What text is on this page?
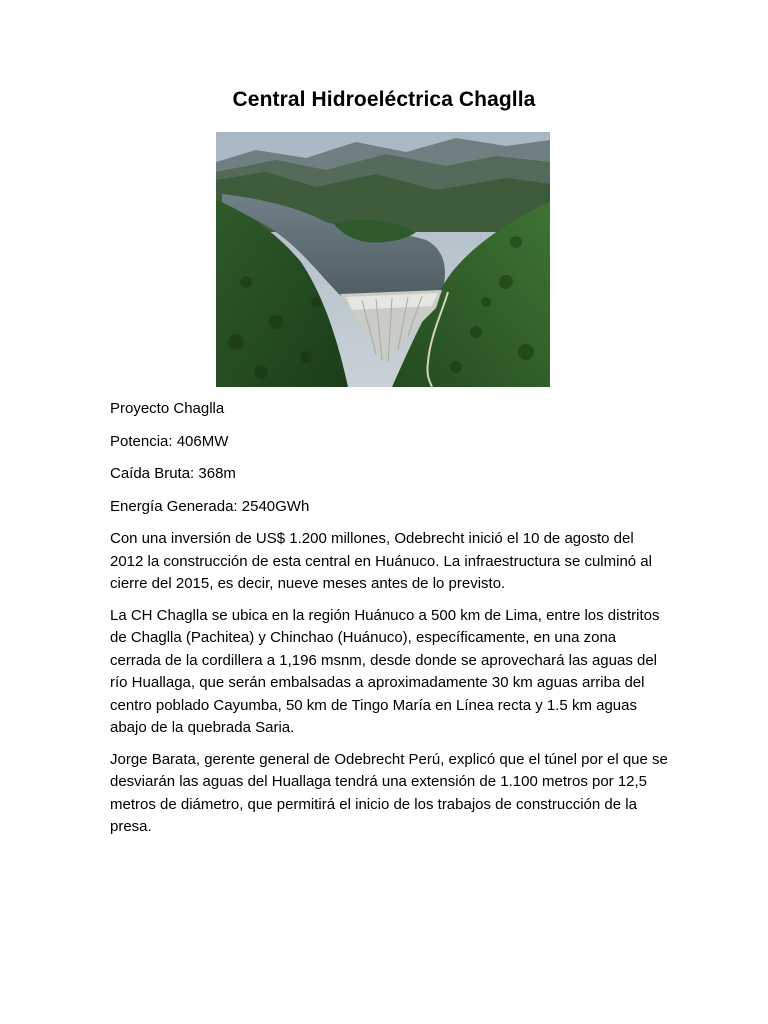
Central Hidroeléctrica Chaglla

Proyecto Chaglla

Potencia: 406MW

Caída Bruta: 368m

Energía Generada: 2540GWh

Con una inversión de US$ 1.200 millones, Odebrecht inició el 10 de agosto del 2012 la construcción de esta central en Huánuco. La infraestructura se culminó al cierre del 2015, es decir, nueve meses antes de lo previsto.

La CH Chaglla se ubica en la región Huánuco a 500 km de Lima, entre los distritos de Chaglla (Pachitea) y Chinchao (Huánuco), específicamente, en una zona cerrada de la cordillera a 1,196 msnm, desde donde se aprovechará las aguas del río Huallaga, que serán embalsadas a aproximadamente 30 km aguas arriba del centro poblado Cayumba, 50 km de Tingo María en Línea recta y 1.5 km aguas abajo de la quebrada Saria.

Jorge Barata, gerente general de Odebrecht Perú, explicó que el túnel por el que se desviarán las aguas del Huallaga tendrá una extensión de 1.100 metros por 12,5 metros de diámetro, que permitirá el inicio de los trabajos de construcción de la presa.
